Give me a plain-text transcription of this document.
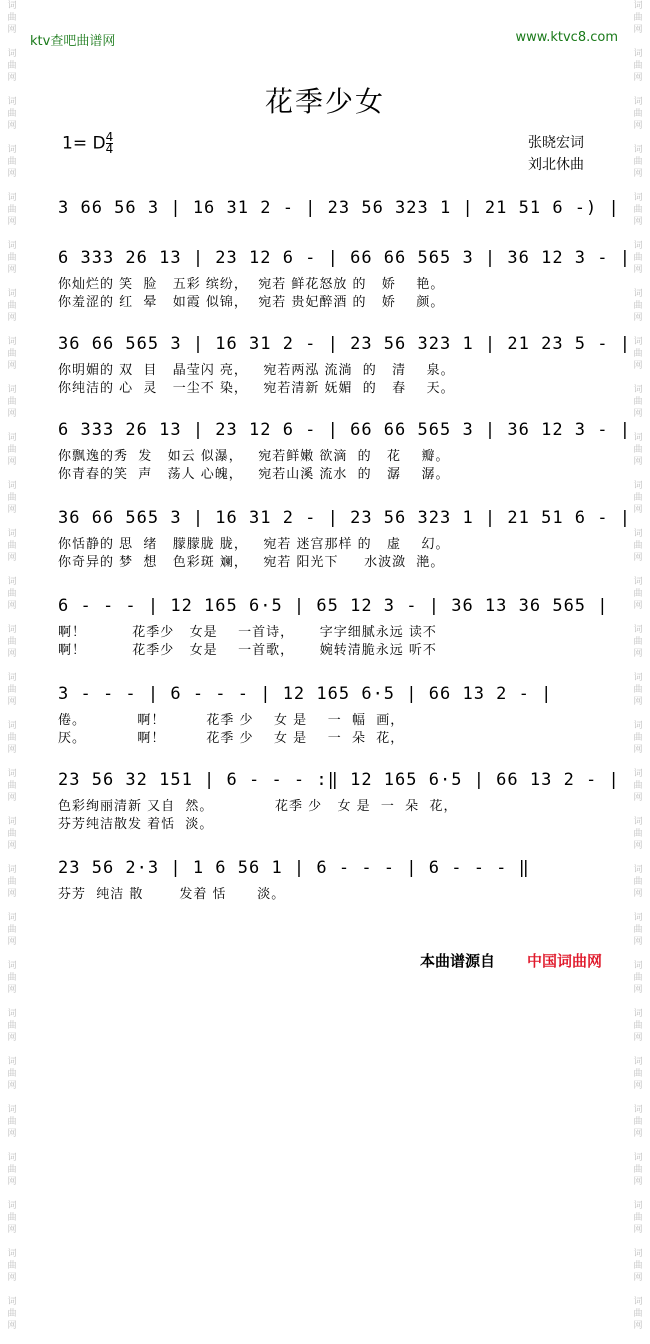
词
曲
网
词
曲
网
词
曲
网
词
曲
网
词
曲
网
词
曲
网
词
曲
网
词
曲
网
词
曲
网
词
曲
网
词
曲
网
词
曲
网
词
曲
网
词
曲
网
词
曲
网
词
曲
网
词
曲
网
词
曲
网
词
曲
网
词
曲
网
词
曲
网
词
曲
网
词
曲
网
词
曲
网
词
曲
网
词
曲
网
词
曲
网
词
曲
网
词
曲
网
词
曲
网
词
曲
网
词
曲
网
词
曲
网
词
曲
网
词
曲
网
词
曲
网
词
曲
网
词
曲
网
词
曲
网
词
曲
网
词
曲
网
词
曲
网
词
曲
网
词
曲
网
词
曲
网
词
曲
网
词
曲
网
词
曲
网
词
曲
网
词
曲
网
词
曲
网
词
曲
网
词
曲
网
词
曲
网
词
曲
网
词
曲
网
ktv查吧曲谱网	www.ktvc8.com
花季少女
1= D $\frac{4}{4}$	张晓宏词
刘北休曲
3 66 56 3 | 16 31 2 - | 23 56 323 1 | 21 51 6 -) |
6 333 26 13 | 23 12 6 - | 66 66 565 3 | 36 12 3 - |
你灿烂的 笑  脸   五彩 缤纷，  宛若 鲜花怒放 的   娇    艳。
你羞涩的 红  晕   如霞 似锦，  宛若 贵妃醉酒 的   娇    颜。
36 66 565 3 | 16 31 2 - | 23 56 323 1 | 21 23 5 - |
你明媚的 双  目   晶莹闪 亮，   宛若两泓 流淌  的   清    泉。
你纯洁的 心  灵   一尘不 染，   宛若清新 妩媚  的   春    天。
6 333 26 13 | 23 12 6 - | 66 66 565 3 | 36 12 3 - |
你飘逸的秀  发   如云 似瀑，   宛若鲜嫩 欲滴  的   花    瓣。
你青春的笑  声   荡人 心魄，   宛若山溪 流水  的   潺    潺。
36 66 565 3 | 16 31 2 - | 23 56 323 1 | 21 51 6 - |
你恬静的 思  绪   朦朦胧 胧，   宛若 迷宫那样 的   虚    幻。
你奇异的 梦  想   色彩斑 斓，   宛若 阳光下     水波潋  滟。
6 - - - | 12 165 6·5 | 65 12 3 - | 36 13 36 565 |
啊！         花季少   女是    一首诗，     字字细腻永远 读不
啊！         花季少   女是    一首歌，     婉转清脆永远 听不
3 - - - | 6 - - - | 12 165 6·5 | 66 13 2 - |
倦。          啊！        花季 少    女 是    一  幅  画，
厌。          啊！        花季 少    女 是    一  朵  花，
23 56 32 151 | 6 - - - :‖ 12 165 6·5 | 66 13 2 - |
色彩绚丽清新 又自  然。            花季 少   女 是  一  朵  花，
芬芳纯洁散发 着恬  淡。
23 56 2·3 | 1 6 56 1 | 6 - - - | 6 - - - ‖
芬芳  纯洁 散       发着 恬      淡。
本曲谱源自 中国词曲网
